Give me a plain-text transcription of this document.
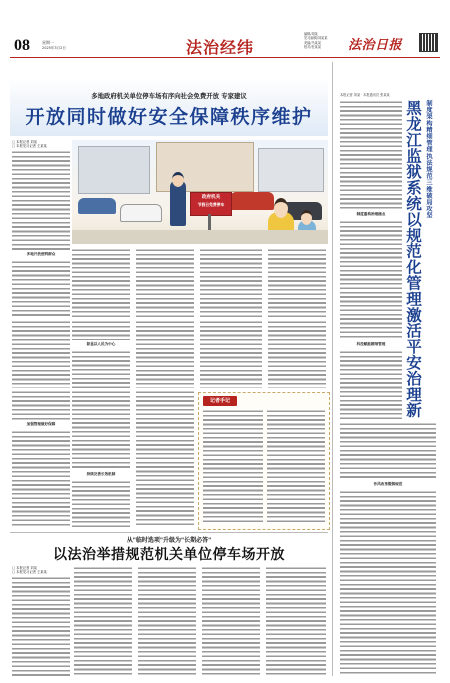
08	星期一
2025年3月2日	法治经纬
编辑/周某
见习编辑/刘某某
美编/马某某
校对/杜某某	法治日报
多地政府机关单位停车场有序向社会免费开放 专家建议
开放同时做好安全保障秩序维护
□ 本报记者 刘某
□ 本报见习记者 王某某
多地开放便利群众
政府机关
节假日免费停车
彰显以人民为中心
加强管理做好保障
持续完善长效机制
记者手记
从"临时选项"升级为"长期必答"
以法治举措规范机关单位停车场开放
□ 本报记者 刘某
□ 本报见习记者 王某某
本报记者 刘某 · 本报通讯员 张某某
制度架构精细管理执法规范三维破局攻坚
黑龙江监狱系统以规范化管理激活平安治理新
制度重构治理痛点
科技赋能精细管理
作风改革锻铸规范
